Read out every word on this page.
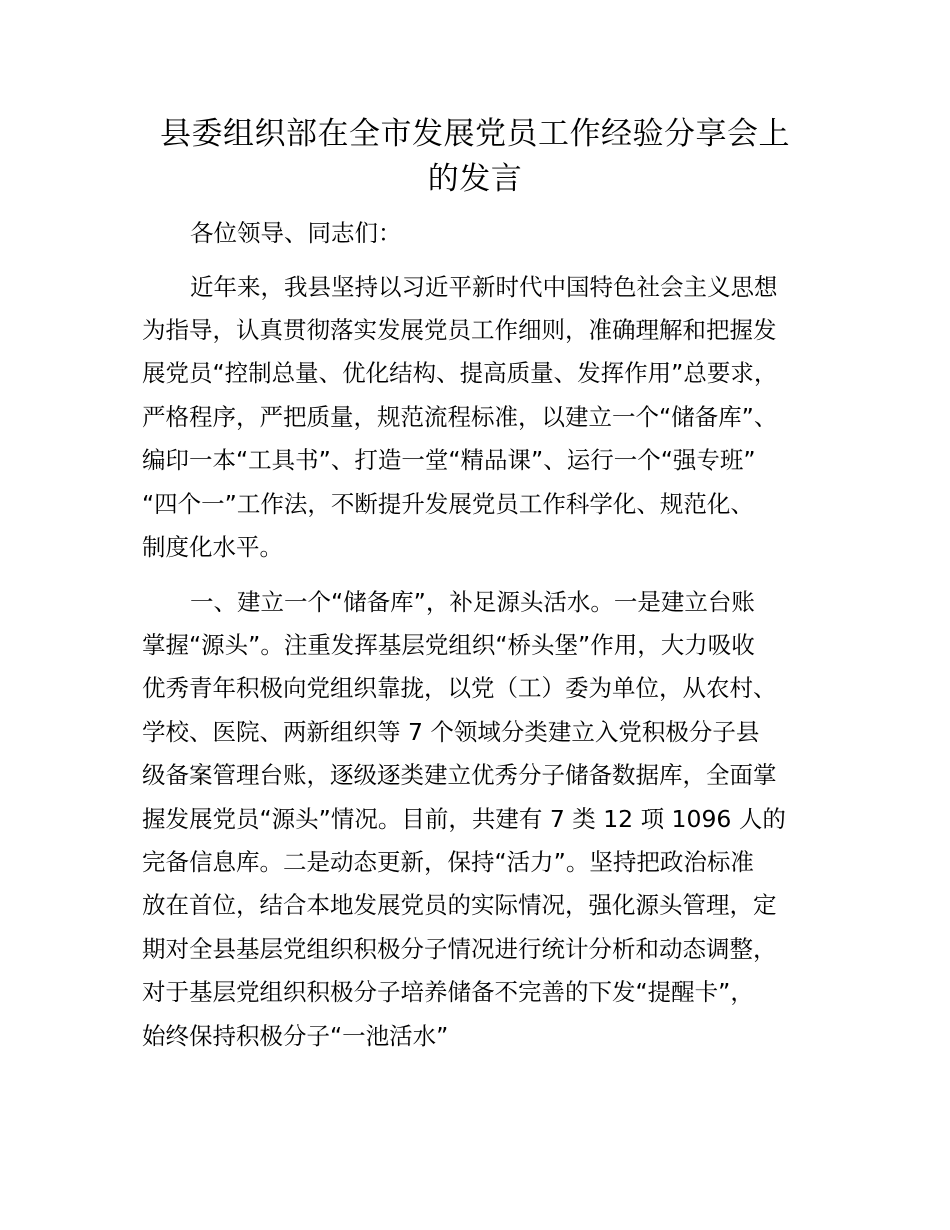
县委组织部在全市发展党员工作经验分享会上
的发言
各位领导、同志们：
近年来，我县坚持以习近平新时代中国特色社会主义思想
为指导，认真贯彻落实发展党员工作细则，准确理解和把握发
展党员“控制总量、优化结构、提高质量、发挥作用”总要求，
严格程序，严把质量，规范流程标准，以建立一个“储备库”、
编印一本“工具书”、打造一堂“精品课”、运行一个“强专班”
“四个一”工作法，不断提升发展党员工作科学化、规范化、
制度化水平。
一、建立一个“储备库”，补足源头活水。一是建立台账
掌握“源头”。注重发挥基层党组织“桥头堡”作用，大力吸收
优秀青年积极向党组织靠拢，以党（工）委为单位，从农村、
学校、医院、两新组织等 7 个领域分类建立入党积极分子县
级备案管理台账，逐级逐类建立优秀分子储备数据库，全面掌
握发展党员“源头”情况。目前，共建有 7 类 12 项 1096 人的
完备信息库。二是动态更新，保持“活力”。坚持把政治标准
放在首位，结合本地发展党员的实际情况，强化源头管理，定
期对全县基层党组织积极分子情况进行统计分析和动态调整，
对于基层党组织积极分子培养储备不完善的下发“提醒卡”，
始终保持积极分子“一池活水”
